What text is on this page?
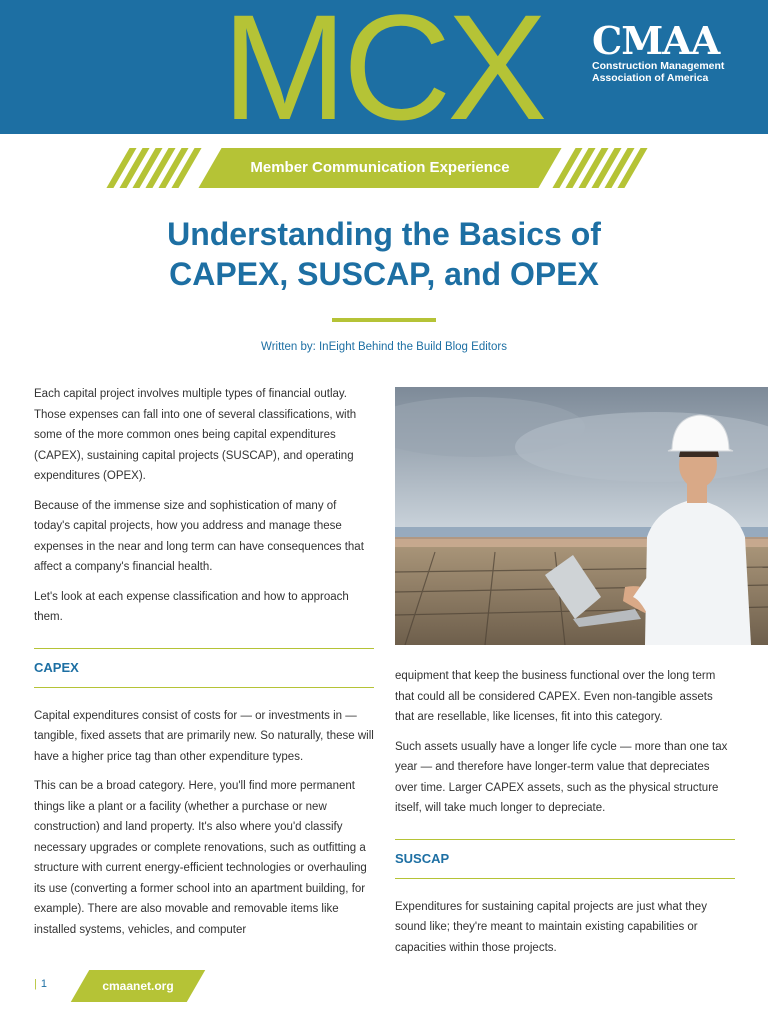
MCX CMAA
Construction Management
Association of America
Member Communication Experience
Understanding the Basics of
CAPEX, SUSCAP, and OPEX
Written by: InEight Behind the Build Blog Editors

Each capital project involves multiple types of financial outlay. Those expenses can fall into one of several classifications, with some of the more common ones being capital expenditures (CAPEX), sustaining capital projects (SUSCAP), and operating expenditures (OPEX).

Because of the immense size and sophistication of many of today's capital projects, how you address and manage these expenses in the near and long term can have consequences that affect a company's financial health.

Let's look at each expense classification and how to approach them.

CAPEX

Capital expenditures consist of costs for — or investments in — tangible, fixed assets that are primarily new. So naturally, these will have a higher price tag than other expenditure types.

This can be a broad category. Here, you'll find more permanent things like a plant or a facility (whether a purchase or new construction) and land property. It's also where you'd classify necessary upgrades or complete renovations, such as outfitting a structure with current energy-efficient technologies or overhauling its use (converting a former school into an apartment building, for example). There are also movable and removable items like installed systems, vehicles, and computer

equipment that keep the business functional over the long term that could all be considered CAPEX. Even non-tangible assets that are resellable, like licenses, fit into this category.

Such assets usually have a longer life cycle — more than one tax year — and therefore have longer-term value that depreciates over time. Larger CAPEX assets, such as the physical structure itself, will take much longer to depreciate.

SUSCAP

Expenditures for sustaining capital projects are just what they sound like; they're meant to maintain existing capabilities or capacities within those projects.

| 1	cmaanet.org
